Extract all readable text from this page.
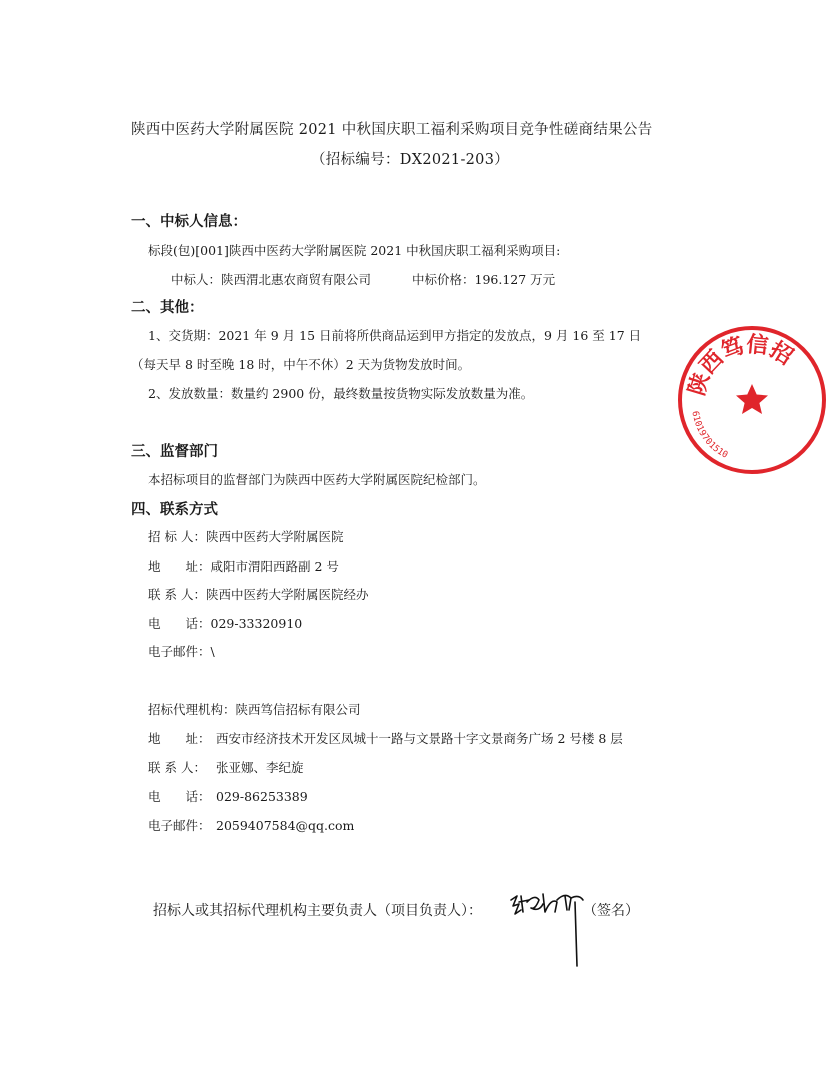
陕西中医药大学附属医院 2021 中秋国庆职工福利采购项目竞争性磋商结果公告
（招标编号：DX2021-203）
一、中标人信息：
标段(包)[001]陕西中医药大学附属医院 2021 中秋国庆职工福利采购项目:
中标人：陕西渭北惠农商贸有限公司	中标价格：196.127 万元
二、其他：
1、交货期：2021 年 9 月 15 日前将所供商品运到甲方指定的发放点，9 月 16 至 17 日
（每天早 8 时至晚 18 时，中午不休）2 天为货物发放时间。
2、发放数量：数量约 2900 份，最终数量按货物实际发放数量为准。
三、监督部门
本招标项目的监督部门为陕西中医药大学附属医院纪检部门。
四、联系方式
招 标 人：陕西中医药大学附属医院
地　　址：咸阳市渭阳西路副 2 号
联 系 人：陕西中医药大学附属医院经办
电　　话：029-33320910
电子邮件：\
招标代理机构：陕西笃信招标有限公司
地　　址： 西安市经济技术开发区凤城十一路与文景路十字文景商务广场 2 号楼 8 层
联 系 人： 张亚娜、李纪旋
电　　话： 029-86253389
电子邮件： 2059407584@qq.com
招标人或其招标代理机构主要负责人（项目负责人）：	（签名）
陕西笃信招
61019701510
